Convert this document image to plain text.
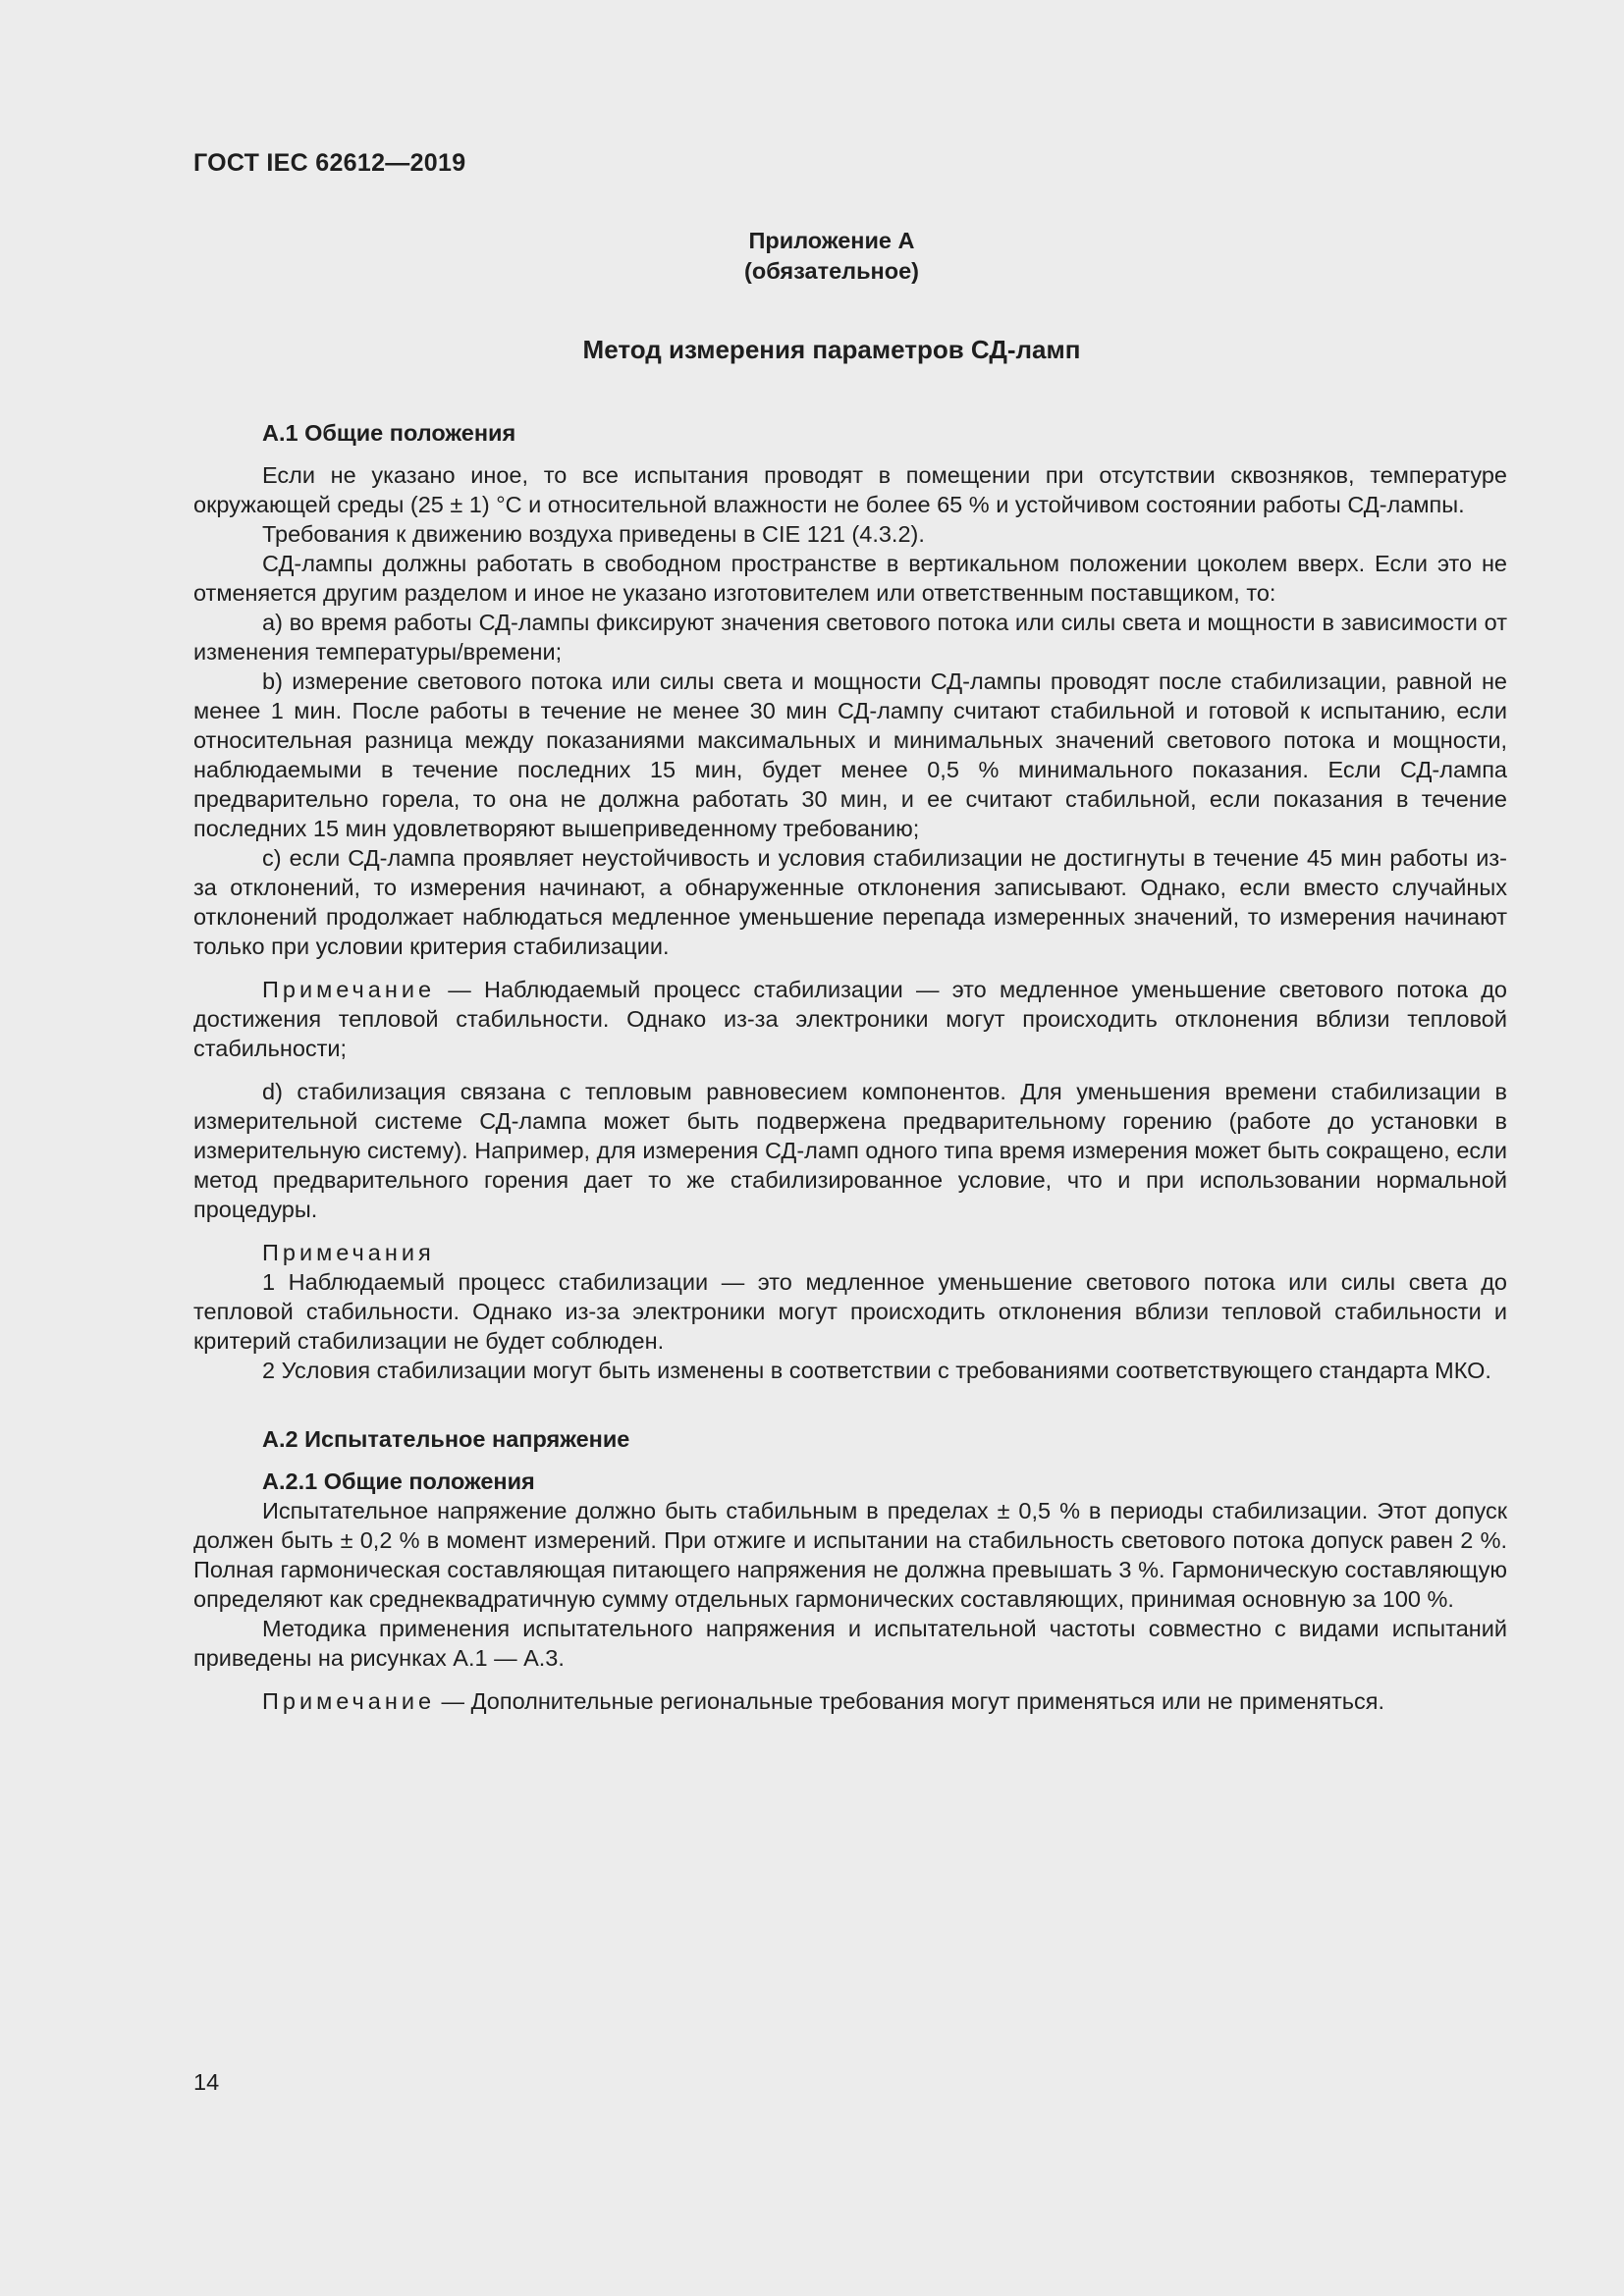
ГОСТ IEC 62612—2019
Приложение А
(обязательное)
Метод измерения параметров СД-ламп

А.1 Общие положения

Если не указано иное, то все испытания проводят в помещении при отсутствии сквозняков, температуре окружающей среды (25 ± 1) °С и относительной влажности не более 65 % и устойчивом состоянии работы СД-лампы.

Требования к движению воздуха приведены в CIE 121 (4.3.2).

СД-лампы должны работать в свободном пространстве в вертикальном положении цоколем вверх. Если это не отменяется другим разделом и иное не указано изготовителем или ответственным поставщиком, то:

а) во время работы СД-лампы фиксируют значения светового потока или силы света и мощности в зависимости от изменения температуры/времени;

b) измерение светового потока или силы света и мощности СД-лампы проводят после стабилизации, равной не менее 1 мин. После работы в течение не менее 30 мин СД-лампу считают стабильной и готовой к испытанию, если относительная разница между показаниями максимальных и минимальных значений светового потока и мощности, наблюдаемыми в течение последних 15 мин, будет менее 0,5 % минимального показания. Если СД-лампа предварительно горела, то она не должна работать 30 мин, и ее считают стабильной, если показания в течение последних 15 мин удовлетворяют вышеприведенному требованию;

c) если СД-лампа проявляет неустойчивость и условия стабилизации не достигнуты в течение 45 мин работы из-за отклонений, то измерения начинают, а обнаруженные отклонения записывают. Однако, если вместо случайных отклонений продолжает наблюдаться медленное уменьшение перепада измеренных значений, то измерения начинают только при условии критерия стабилизации.

Примечание — Наблюдаемый процесс стабилизации — это медленное уменьшение светового потока до достижения тепловой стабильности. Однако из-за электроники могут происходить отклонения вблизи тепловой стабильности;

d) стабилизация связана с тепловым равновесием компонентов. Для уменьшения времени стабилизации в измерительной системе СД-лампа может быть подвержена предварительному горению (работе до установки в измерительную систему). Например, для измерения СД-ламп одного типа время измерения может быть сокращено, если метод предварительного горения дает то же стабилизированное условие, что и при использовании нормальной процедуры.

Примечания

1 Наблюдаемый процесс стабилизации — это медленное уменьшение светового потока или силы света до тепловой стабильности. Однако из-за электроники могут происходить отклонения вблизи тепловой стабильности и критерий стабилизации не будет соблюден.

2 Условия стабилизации могут быть изменены в соответствии с требованиями соответствующего стандарта МКО.

А.2 Испытательное напряжение

А.2.1 Общие положения

Испытательное напряжение должно быть стабильным в пределах ± 0,5 % в периоды стабилизации. Этот допуск должен быть ± 0,2 % в момент измерений. При отжиге и испытании на стабильность светового потока допуск равен 2 %. Полная гармоническая составляющая питающего напряжения не должна превышать 3 %. Гармоническую составляющую определяют как среднеквадратичную сумму отдельных гармонических составляющих, принимая основную за 100 %.

Методика применения испытательного напряжения и испытательной частоты совместно с видами испытаний приведены на рисунках А.1 — А.3.

Примечание — Дополнительные региональные требования могут применяться или не применяться.

14
